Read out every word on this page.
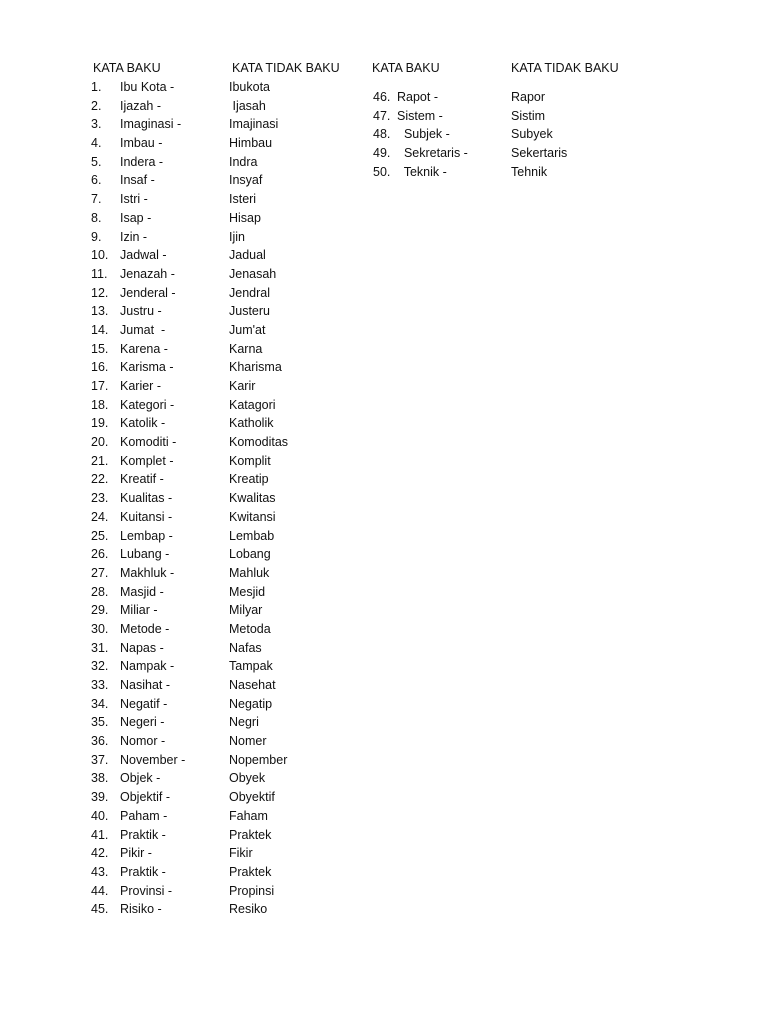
KATA BAKU	KATA TIDAK BAKU	KATA BAKU	KATA TIDAK BAKU
1. Ibu Kota -	Ibukota
2. Ijazah -	Ijasah
3. Imaginasi -	Imajinasi
4. Imbau -	Himbau
5. Indera -	Indra
6. Insaf -	Insyaf
7. Istri -	Isteri
8. Isap -	Hisap
9. Izin -	Ijin
10. Jadwal -	Jadual
11. Jenazah -	Jenasah
12. Jenderal -	Jendral
13. Justru -	Justeru
14. Jumat  -	Jum'at
15. Karena -	Karna
16. Karisma -	Kharisma
17. Karier -	Karir
18. Kategori -	Katagori
19. Katolik -	Katholik
20. Komoditi -	Komoditas
21. Komplet -	Komplit
22. Kreatif -	Kreatip
23. Kualitas -	Kwalitas
24. Kuitansi -	Kwitansi
25. Lembap -	Lembab
26. Lubang -	Lobang
27. Makhluk -	Mahluk
28. Masjid -	Mesjid
29. Miliar -	Milyar
30. Metode -	Metoda
31. Napas -	Nafas
32. Nampak -	Tampak
33. Nasihat -	Nasehat
34. Negatif -	Negatip
35. Negeri -	Negri
36. Nomor -	Nomer
37. November -	Nopember
38. Objek -	Obyek
39. Objektif -	Obyektif
40. Paham -	Faham
41. Praktik -	Praktek
42. Pikir -	Fikir
43. Praktik -	Praktek
44. Provinsi -	Propinsi
45. Risiko -	Resiko
46. Rapot -	Rapor
47. Sistem -	Sistim
48. Subjek -	Subyek
49. Sekretaris -	Sekertaris
50. Teknik -	Tehnik
